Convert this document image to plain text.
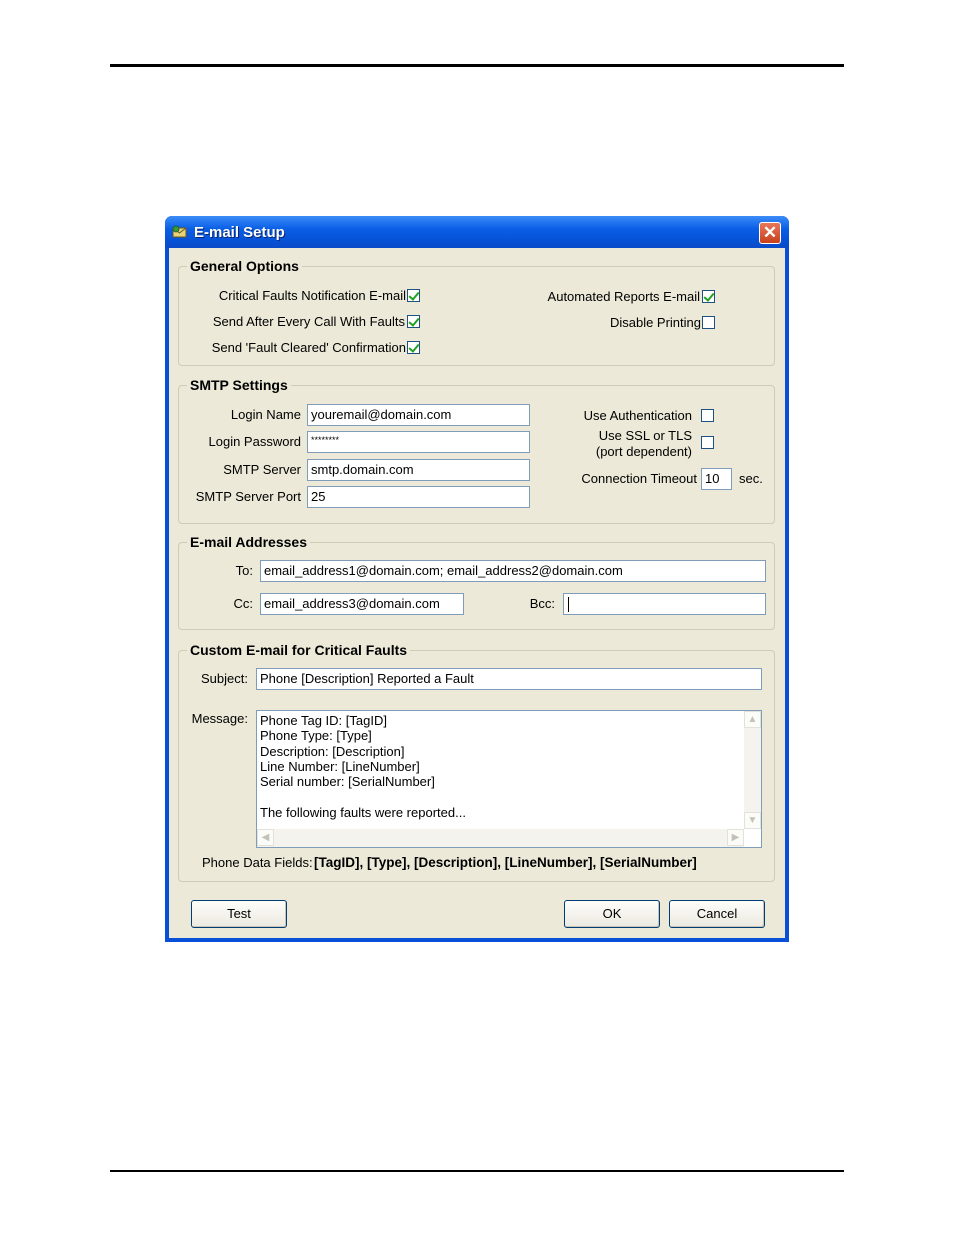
E-mail Setup	✕
General Options
Critical Faults Notification E-mail
Send After Every Call With Faults
Send 'Fault Cleared' Confirmation
Automated Reports E-mail
Disable Printing
SMTP Settings
Login Name youremail@domain.com
Login Password	********
SMTP Server smtp.domain.com
SMTP Server Port 25
Use Authentication
Use SSL or TLS
(port dependent)
Connection Timeout 10	sec.
E-mail Addresses
To: email_address1@domain.com; email_address2@domain.com
Cc: email_address3@domain.com	Bcc:
Custom E-mail for Critical Faults
Subject: Phone [Description] Reported a Fault
Message:
Phone Data Fields: [TagID], [Type], [Description], [LineNumber], [SerialNumber]
Phone Tag ID: [TagID]
Phone Type: [Type]
Description: [Description]
Line Number: [LineNumber]
Serial number: [SerialNumber]
The following faults were reported...
▲
▼
◀	▶
Test	OK	Cancel
